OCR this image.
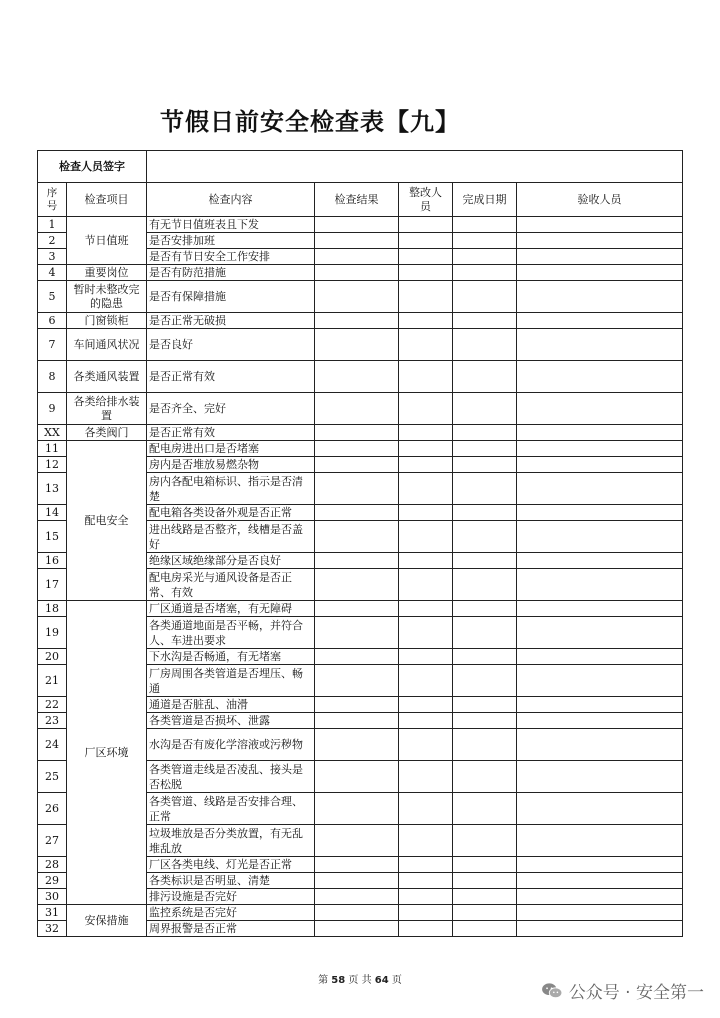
节假日前安全检查表【九】
检查人员签字						
序号	检查项目	检查内容	检查结果	整改人员	完成日期	验收人员
1	节日值班	有无节日值班表且下发				
2		是否安排加班				
3		是否有节日安全工作安排				
4	重要岗位	是否有防范措施				
5	暂时未整改完的隐患	是否有保障措施				
6	门窗锁柜	是否正常无破损				
7	车间通风状况	是否良好				
8	各类通风装置	是否正常有效				
9	各类给排水装置	是否齐全、完好				
XX	各类阀门	是否正常有效				
11	配电安全	配电房进出口是否堵塞				
12		房内是否堆放易燃杂物				
13		房内各配电箱标识、指示是否清楚				
14		配电箱各类设备外观是否正常				
15		进出线路是否整齐，线槽是否盖好				
16		绝缘区域绝缘部分是否良好				
17		配电房采光与通风设备是否正常、有效				
18	厂区环境	厂区通道是否堵塞，有无障碍				
19		各类通道地面是否平畅，并符合人、车进出要求				
20		下水沟是否畅通，有无堵塞				
21		厂房周围各类管道是否埋压、畅通				
22		通道是否脏乱、油滑				
23		各类管道是否损坏、泄露				
24		水沟是否有废化学溶液或污秽物				
25		各类管道走线是否凌乱、接头是否松脱				
26		各类管道、线路是否安排合理、正常				
27		垃圾堆放是否分类放置，有无乱堆乱放				
28		厂区各类电线、灯光是否正常				
29		各类标识是否明显、清楚				
30		排污设施是否完好				
31	安保措施	监控系统是否完好				
32		周界报警是否正常				
第 58 页 共 64 页
公众号 · 安全第一
